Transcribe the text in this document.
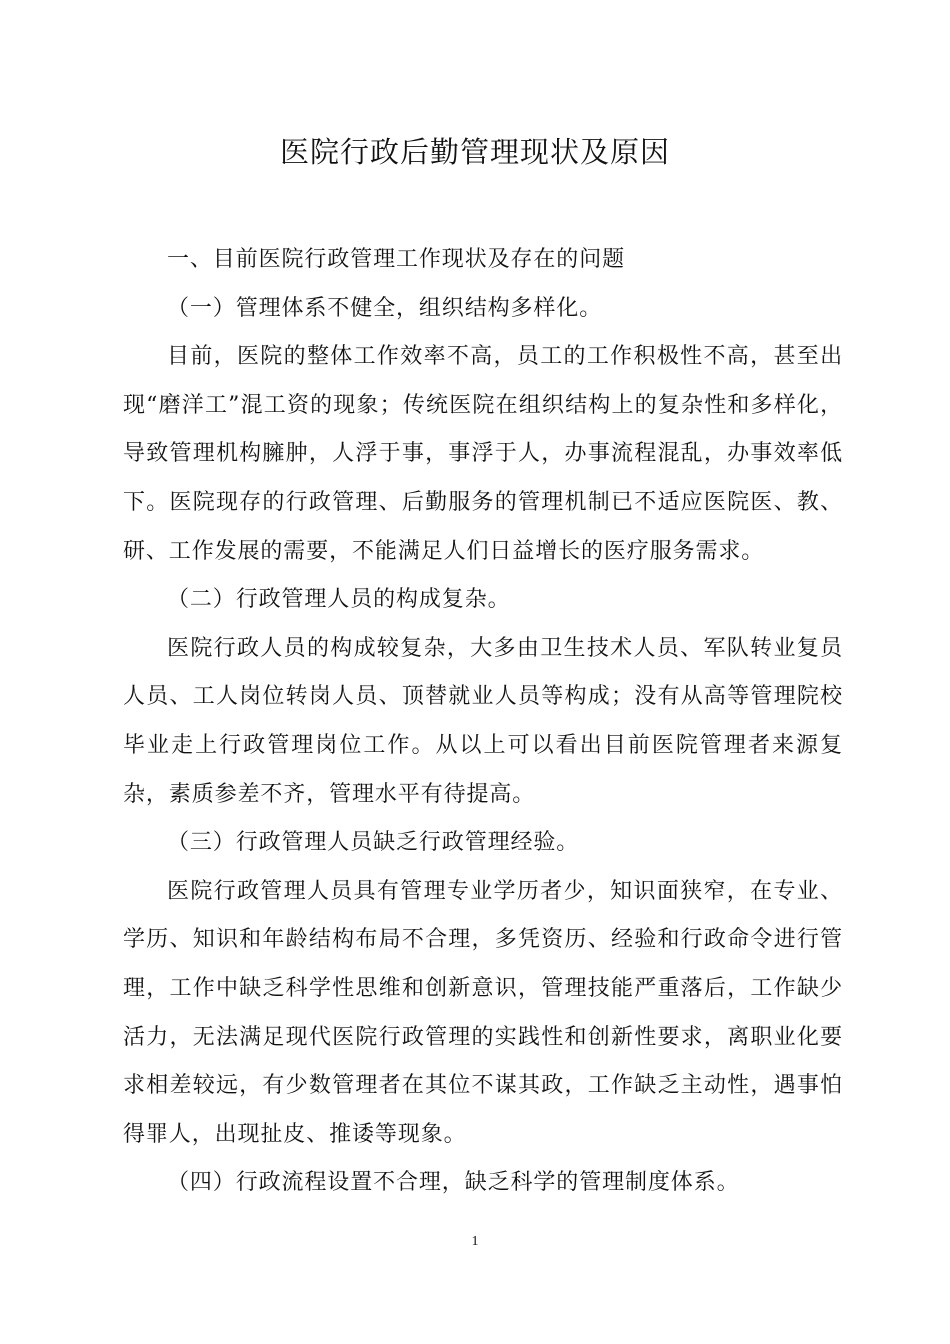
医院行政后勤管理现状及原因

一、目前医院行政管理工作现状及存在的问题

（一）管理体系不健全，组织结构多样化。

目前，医院的整体工作效率不高，员工的工作积极性不高，甚至出现“磨洋工”混工资的现象；传统医院在组织结构上的复杂性和多样化，导致管理机构臃肿，人浮于事，事浮于人，办事流程混乱，办事效率低下。医院现存的行政管理、后勤服务的管理机制已不适应医院医、教、研、工作发展的需要，不能满足人们日益增长的医疗服务需求。

（二）行政管理人员的构成复杂。

医院行政人员的构成较复杂，大多由卫生技术人员、军队转业复员人员、工人岗位转岗人员、顶替就业人员等构成；没有从高等管理院校毕业走上行政管理岗位工作。从以上可以看出目前医院管理者来源复杂，素质参差不齐，管理水平有待提高。

（三）行政管理人员缺乏行政管理经验。

医院行政管理人员具有管理专业学历者少，知识面狭窄，在专业、学历、知识和年龄结构布局不合理，多凭资历、经验和行政命令进行管理，工作中缺乏科学性思维和创新意识，管理技能严重落后，工作缺少活力，无法满足现代医院行政管理的实践性和创新性要求，离职业化要求相差较远，有少数管理者在其位不谋其政，工作缺乏主动性，遇事怕得罪人，出现扯皮、推诿等现象。

（四）行政流程设置不合理，缺乏科学的管理制度体系。

1
